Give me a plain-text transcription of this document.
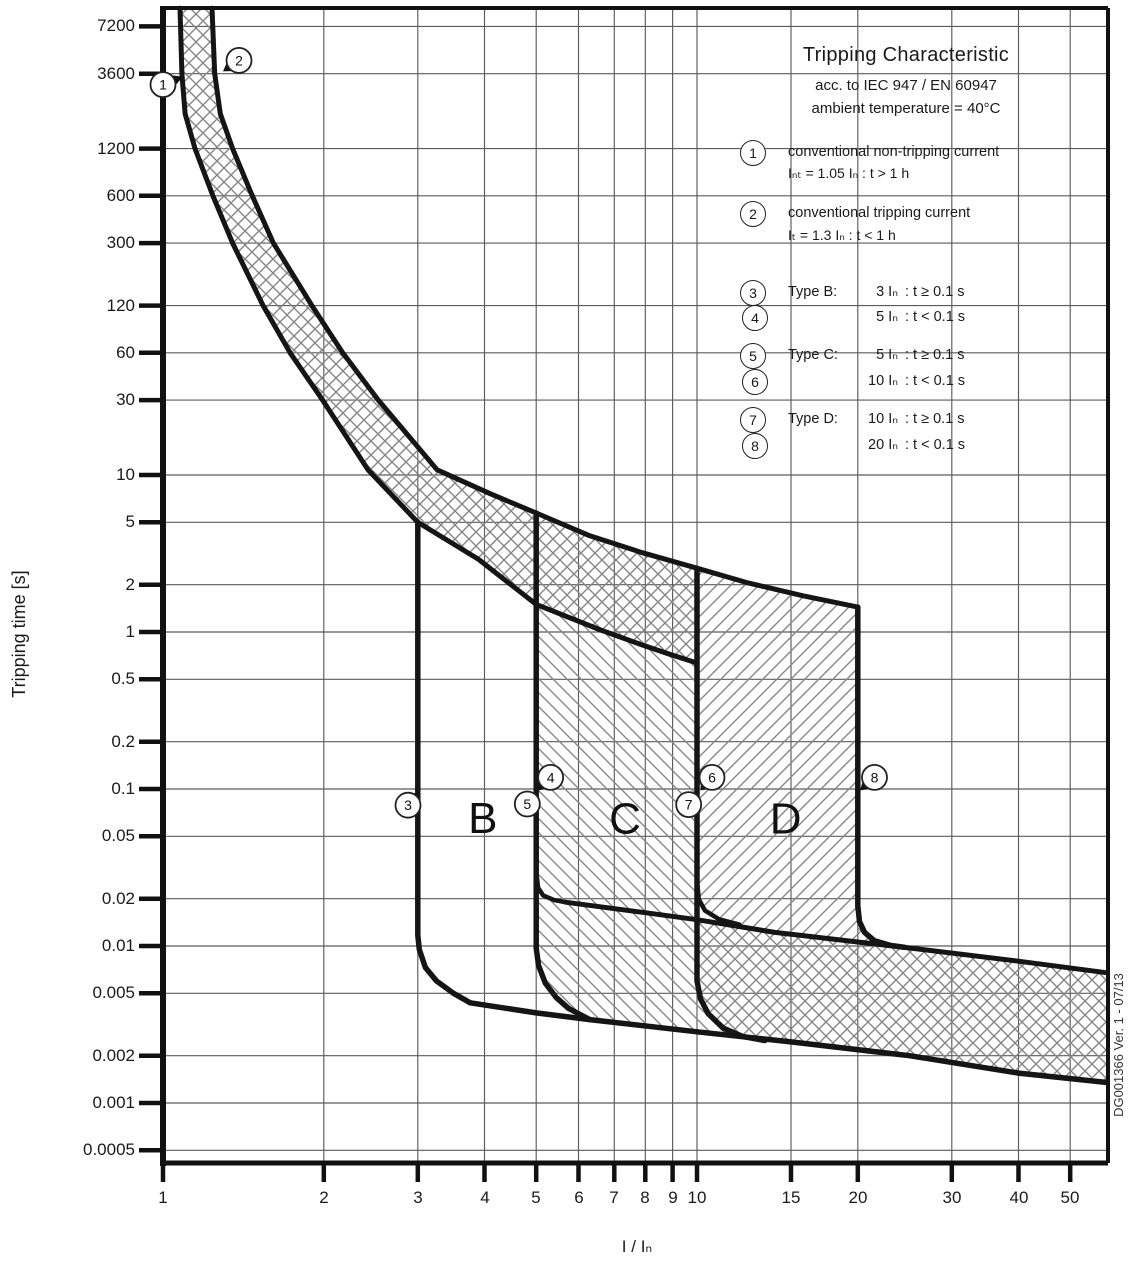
B	C	D
1
2
3
4
5
6
7
8
Tripping Characteristic
acc. to IEC 947 / EN 60947
ambient temperature = 40°C
1 conventional non-tripping current
Iₙₜ = 1.05 Iₙ : t > 1 h
2 conventional tripping current
Iₜ = 1.3 Iₙ : t < 1 h
3
4
Type B:	3 Iₙ : t ≥ 0.1 s
5 Iₙ : t < 0.1 s
5
6
Type C:	5 Iₙ : t ≥ 0.1 s
10 Iₙ : t < 0.1 s
7
8
Type D:	10 Iₙ : t ≥ 0.1 s
20 Iₙ : t < 0.1 s
Tripping time [s]
I / Iₙ
DG001366 Ver. 1 - 07/13
7200
3600
1200
600
300
120
60
30
10
5
2
1
0.5
0.2
0.1
0.05
0.02
0.01
0.005
0.002
0.001
0.0005
1	2	3	4	5	6	7	8	9 10	15	20	30	40	50
